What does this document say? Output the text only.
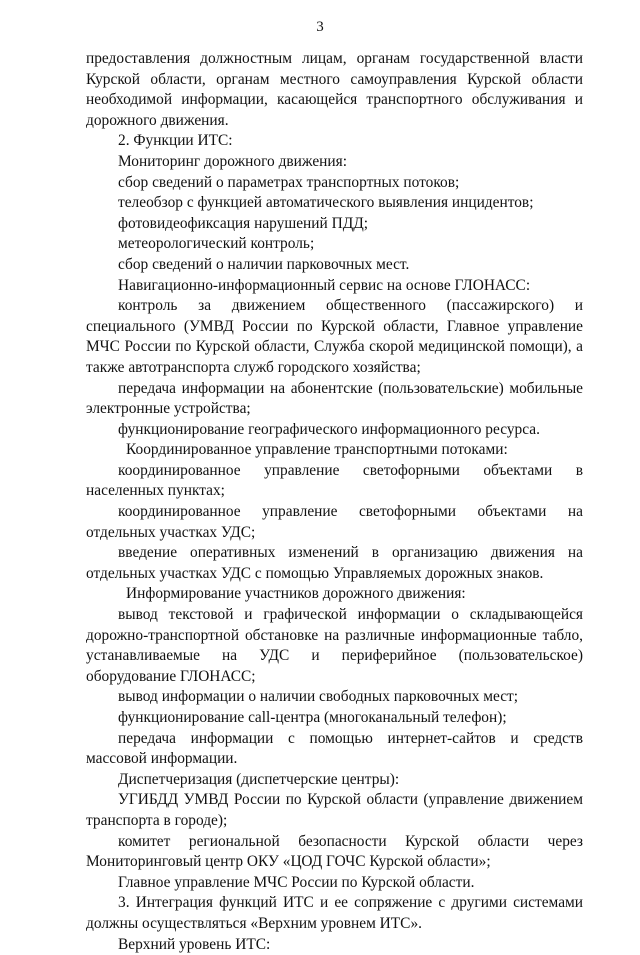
3

предоставления должностным лицам, органам государственной власти Курской области, органам местного самоуправления Курской области необходимой информации, касающейся транспортного обслуживания и дорожного движения.

2. Функции ИТС:

Мониторинг дорожного движения:

сбор сведений о параметрах транспортных потоков;

телеобзор с функцией автоматического выявления инцидентов;

фотовидеофиксация нарушений ПДД;

метеорологический контроль;

сбор сведений о наличии парковочных мест.

Навигационно-информационный сервис на основе ГЛОНАСС:

контроль за движением общественного (пассажирского) и специального (УМВД России по Курской области, Главное управление МЧС России по Курской области, Служба скорой медицинской помощи), а также автотранспорта служб городского хозяйства;

передача информации на абонентские (пользовательские) мобильные электронные устройства;

функционирование географического информационного ресурса.

Координированное управление транспортными потоками:

координированное управление светофорными объектами в населенных пунктах;

координированное управление светофорными объектами на отдельных участках УДС;

введение оперативных изменений в организацию движения на отдельных участках УДС с помощью Управляемых дорожных знаков.

Информирование участников дорожного движения:

вывод текстовой и графической информации о складывающейся дорожно-транспортной обстановке на различные информационные табло, устанавливаемые на УДС и периферийное (пользовательское) оборудование ГЛОНАСС;

вывод информации о наличии свободных парковочных мест;

функционирование call-центра (многоканальный телефон);

передача информации с помощью интернет-сайтов и средств массовой информации.

Диспетчеризация (диспетчерские центры):

УГИБДД УМВД России по Курской области (управление движением транспорта в городе);

комитет региональной безопасности Курской области через Мониторинговый центр ОКУ «ЦОД ГОЧС Курской области»;

Главное управление МЧС России по Курской области.

3. Интеграция функций ИТС и ее сопряжение с другими системами должны осуществляться «Верхним уровнем ИТС».

Верхний уровень ИТС:
